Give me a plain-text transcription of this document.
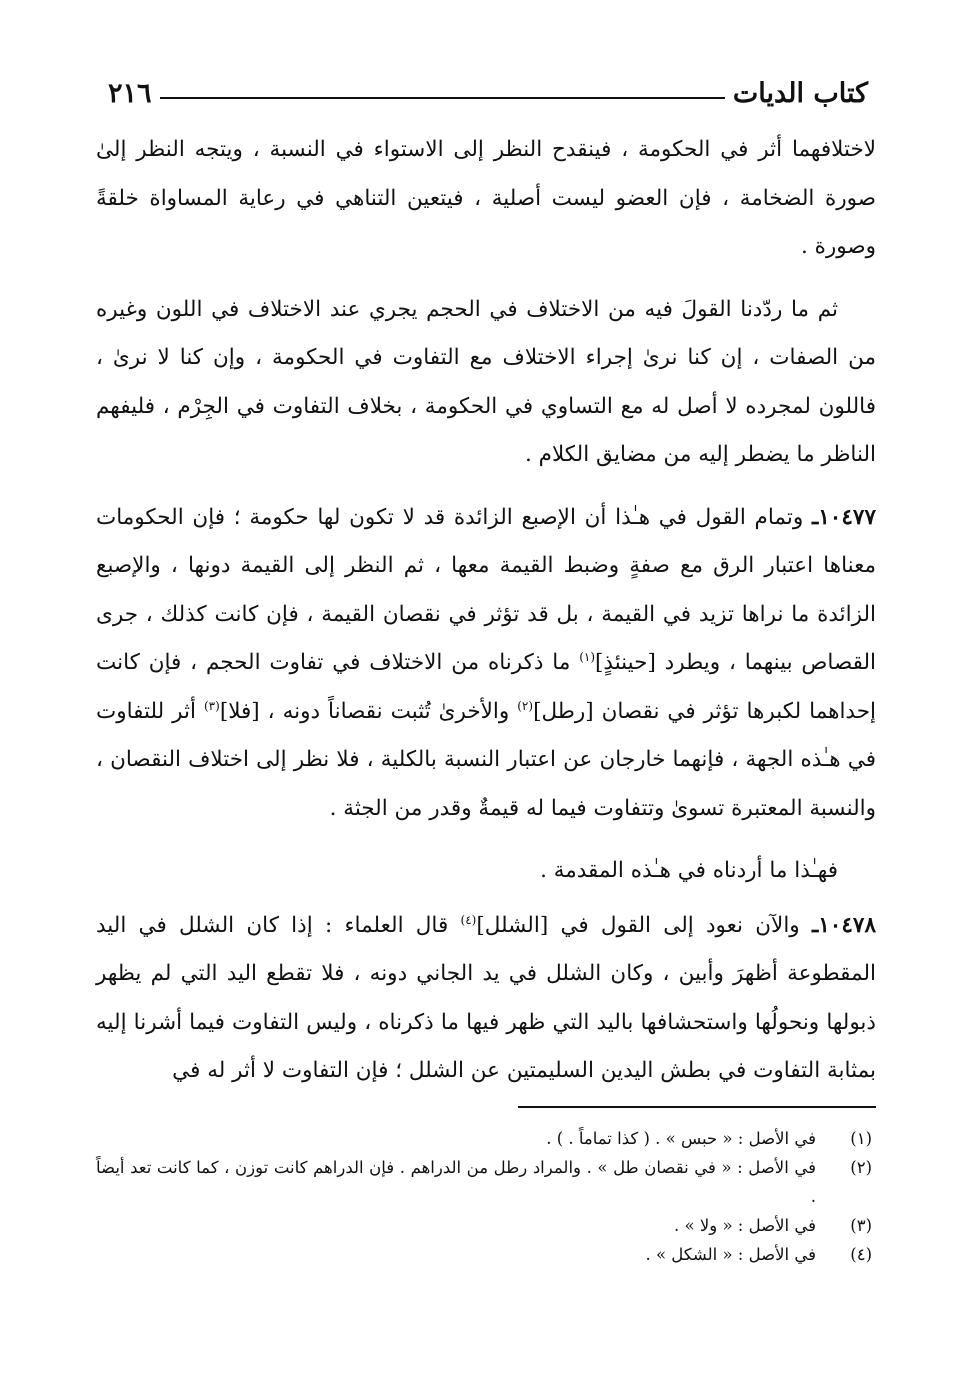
كتاب الديات
٢١٦

لاختلافهما أثر في الحكومة ، فينقدح النظر إلى الاستواء في النسبة ، ويتجه النظر إلىٰ صورة الضخامة ، فإن العضو ليست أصلية ، فيتعين التناهي في رعاية المساواة خلقةً وصورة .

ثم ما ردّدنا القولَ فيه من الاختلاف في الحجم يجري عند الاختلاف في اللون وغيره من الصفات ، إن كنا نرىٰ إجراء الاختلاف مع التفاوت في الحكومة ، وإن كنا لا نرىٰ ، فاللون لمجرده لا أصل له مع التساوي في الحكومة ، بخلاف التفاوت في الجِرْم ، فليفهم الناظر ما يضطر إليه من مضايق الكلام .

١٠٤٧٧ـ وتمام القول في هـٰذا أن الإصبع الزائدة قد لا تكون لها حكومة ؛ فإن الحكومات معناها اعتبار الرق مع صفةٍ وضبط القيمة معها ، ثم النظر إلى القيمة دونها ، والإصبع الزائدة ما نراها تزيد في القيمة ، بل قد تؤثر في نقصان القيمة ، فإن كانت كذلك ، جرى القصاص بينهما ، ويطرد [حينئذٍ]$^{(١)}$ ما ذكرناه من الاختلاف في تفاوت الحجم ، فإن كانت إحداهما لكبرها تؤثر في نقصان [رطل]$^{(٢)}$ والأخرىٰ تُثبت نقصاناً دونه ، [فلا]$^{(٣)}$ أثر للتفاوت في هـٰذه الجهة ، فإنهما خارجان عن اعتبار النسبة بالكلية ، فلا نظر إلى اختلاف النقصان ، والنسبة المعتبرة تسوىٰ وتتفاوت فيما له قيمةٌ وقدر من الجثة .

فهـٰذا ما أردناه في هـٰذه المقدمة .

١٠٤٧٨ـ والآن نعود إلى القول في [الشلل]$^{(٤)}$ قال العلماء : إذا كان الشلل في اليد المقطوعة أظهرَ وأبين ، وكان الشلل في يد الجاني دونه ، فلا تقطع اليد التي لم يظهر ذبولها ونحولُها واستحشافها باليد التي ظهر فيها ما ذكرناه ، وليس التفاوت فيما أشرنا إليه بمثابة التفاوت في بطش اليدين السليمتين عن الشلل ؛ فإن التفاوت لا أثر له في

(١)
في الأصل : « حبس » . ( كذا تماماً . ) .
(٢)
في الأصل : « في نقصان طل » . والمراد رطل من الدراهم . فإن الدراهم كانت توزن ، كما كانت تعد أيضاً .
(٣)
في الأصل : « ولا » .
(٤)
في الأصل : « الشكل » .
